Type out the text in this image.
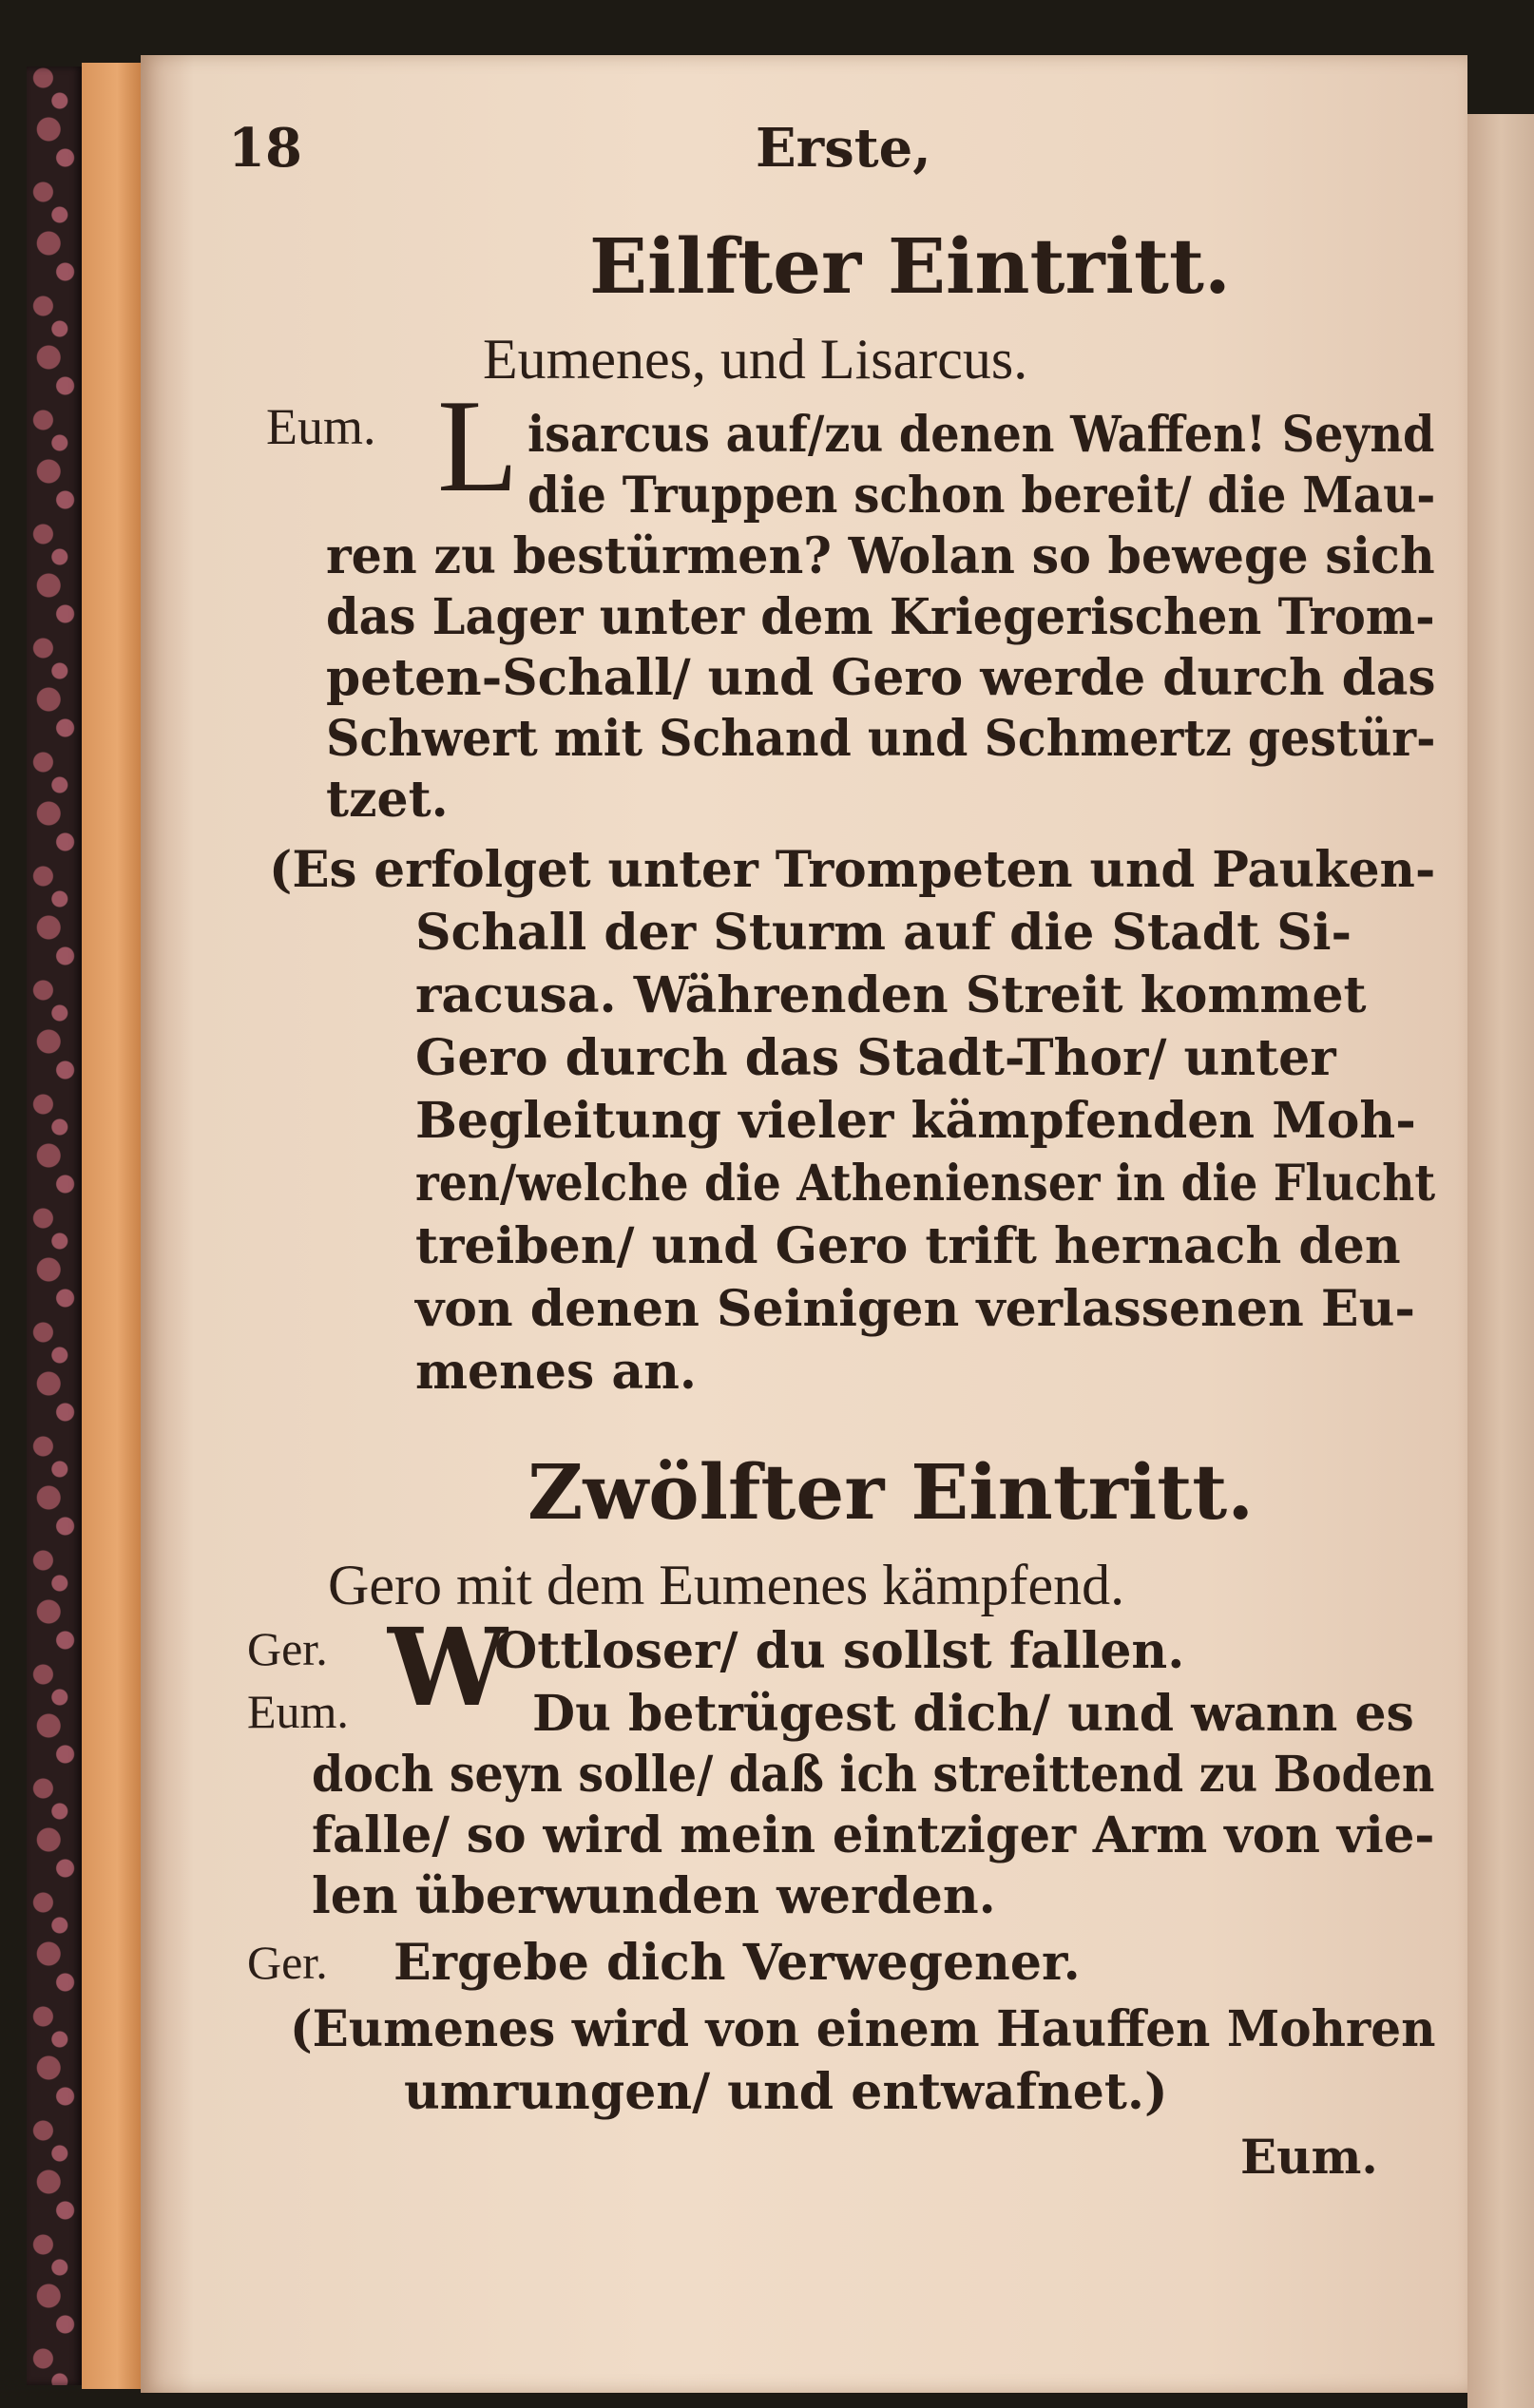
18	Erste,
Eilfter Eintritt.
Eumenes, und Lisarcus.
Eum. L isarcus auf/zu denen Waffen! Seynd
die Truppen schon bereit/ die Mau-
ren zu bestürmen? Wolan so bewege sich
das Lager unter dem Kriegerischen Trom-
peten-Schall/ und Gero werde durch das
Schwert mit Schand und Schmertz gestür-
tzet.
(Es erfolget unter Trompeten und Pauken-
Schall der Sturm auf die Stadt Si-
racusa. Währenden Streit kommet
Gero durch das Stadt-Thor/ unter
Begleitung vieler kämpfenden Moh-
ren/welche die Athenienser in die Flucht
treiben/ und Gero trift hernach den
von denen Seinigen verlassenen Eu-
menes an.
Zwölfter Eintritt.
Gero mit dem Eumenes kämpfend.
Ger. W
Ottloser/ du sollst fallen.
Eum.	Du betrügest dich/ und wann es
doch seyn solle/ daß ich streittend zu Boden
falle/ so wird mein eintziger Arm von vie-
len überwunden werden.
Ger. Ergebe dich Verwegener.
(Eumenes wird von einem Hauffen Mohren
umrungen/ und entwafnet.)
Eum.
